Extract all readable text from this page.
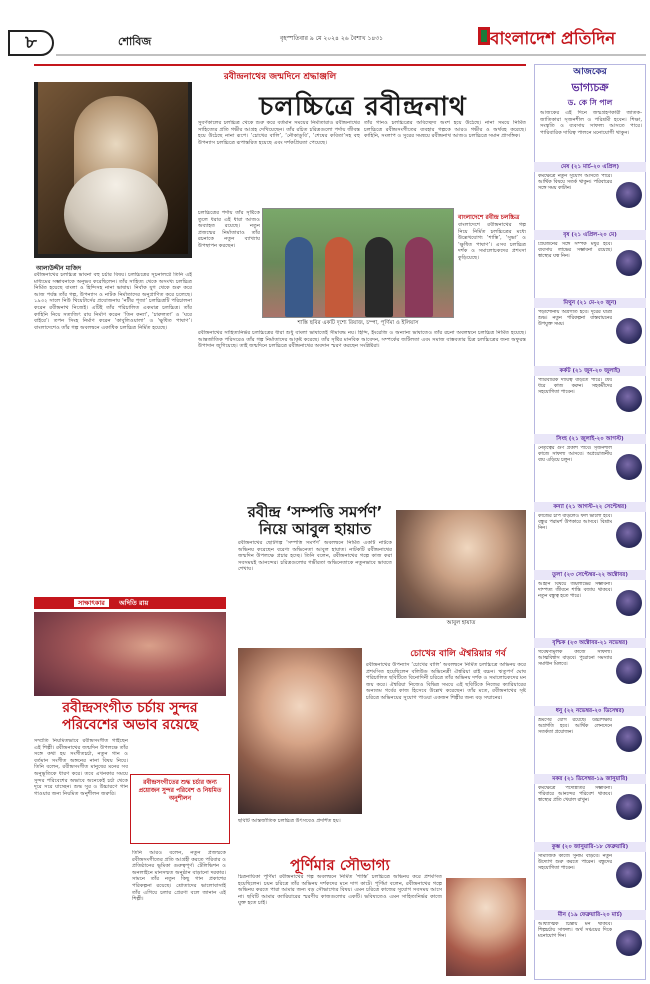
৮	শোবিজ	বৃহস্পতিবার ৯ মে ২০২৪ ২৬ বৈশাখ ১৪৩১	বাংলাদেশ প্রতিদিন
রবীন্দ্রনাথের জন্মদিনে শ্রদ্ধাঞ্জলি
চলচ্চিত্রে রবীন্দ্রনাথ
আলাউদ্দীন মাজিদ
রবীন্দ্রনাথের চলচ্চিত্র ভাবনা বহু চর্চার বিষয়। চলচ্চিত্রের সূচনালগ্নে তিনি এই মাধ্যমের সম্ভাবনাকে অনুভব করেছিলেন। তাঁর সাহিত্য থেকে অসংখ্য চলচ্চিত্র নির্মিত হয়েছে বাংলা ও হিন্দিসহ নানা ভাষায়। নির্বাক যুগ থেকে শুরু করে আজ পর্যন্ত তাঁর গল্প, উপন্যাস ও নাটক নির্মাতাদের অনুপ্রাণিত করে চলেছে। ১৯৩২ সালে নিউ থিয়েটার্সের প্রযোজনায় ‘নটীর পূজা’ চলচ্চিত্রটি পরিচালনা করেন রবীন্দ্রনাথ নিজেই। এটিই তাঁর পরিচালিত একমাত্র চলচ্চিত্র। তাঁর কাহিনি নিয়ে সত্যজিৎ রায় নির্মাণ করেন ‘তিন কন্যা’, ‘চারুলতা’ ও ‘ঘরে বাইরে’। তপন সিংহ নির্মাণ করেন ‘কাবুলিওয়ালা’ ও ‘ক্ষুধিত পাষাণ’। বাংলাদেশেও তাঁর গল্প অবলম্বনে একাধিক চলচ্চিত্র নির্মিত হয়েছে।
সুবর্ণকালের চলচ্চিত্র থেকে শুরু করে বর্তমান সময়ের নির্মাতারাও রবীন্দ্রনাথের সাহিত্যের প্রতি গভীর আগ্রহ দেখিয়েছেন। তাঁর রচিত চরিত্রগুলো পর্দায় জীবন্ত হয়ে উঠেছে নানা রূপে। ‘চোখের বালি’, ‘নৌকাডুবি’, ‘শেষের কবিতা’সহ বহু উপন্যাস চলচ্চিত্রে রূপান্তরিত হয়েছে এবং দর্শকপ্রিয়তা পেয়েছে।
তাঁর গানও চলচ্চিত্রের অবিচ্ছেদ্য অংশ হয়ে উঠেছে। নানা সময়ে নির্মিত চলচ্চিত্রে রবীন্দ্রসংগীতের ব্যবহার গল্পকে আরও গভীর ও অর্থবহ করেছে। কাহিনি, সংলাপ ও সুরের সমন্বয়ে রবীন্দ্রনাথ আজও চলচ্চিত্রে সমান প্রাসঙ্গিক।
চলচ্চিত্রের পর্দায় তাঁর সৃষ্টিকে তুলে ধরার এই ধারা আজও অব্যাহত রয়েছে। নতুন প্রজন্মের নির্মাতারাও তাঁর রচনাকে নতুন ব্যাখ্যায় উপস্থাপন করছেন।
বাংলাদেশে রবীন্দ্র চলচ্চিত্র
বাংলাদেশে রবীন্দ্রনাথের গল্প নিয়ে নির্মিত চলচ্চিত্রের মধ্যে উল্লেখযোগ্য ‘শাস্তি’, ‘সুভা’ ও ‘ক্ষুধিত পাষাণ’। এসব চলচ্চিত্র দর্শক ও সমালোচকদের প্রশংসা কুড়িয়েছে।
শাস্তি ছবির একটি দৃশ্যে রিয়াজ, চম্পা, পূর্ণিমা ও ইলিয়াস
রবীন্দ্রনাথের সাহিত্যনির্ভর চলচ্চিত্রের ধারা শুধু বাংলা ভাষাতেই সীমাবদ্ধ নয়। হিন্দি, ইংরেজি ও অন্যান্য ভাষাতেও তাঁর রচনা অবলম্বনে চলচ্চিত্র নির্মিত হয়েছে। আন্তর্জাতিক পরিসরেও তাঁর গল্প নির্মাতাদের আকৃষ্ট করেছে। তাঁর সৃষ্টির মানবিক আবেদন, সম্পর্কের জটিলতা এবং সমাজ বাস্তবতার চিত্র চলচ্চিত্রের জন্য অফুরন্ত উপাদান জুগিয়েছে। তাই জন্মদিনে চলচ্চিত্রে রবীন্দ্রনাথের অবদান স্মরণ করছেন সংশ্লিষ্টরা।
সাক্ষাৎকার অদিতি রায়
রবীন্দ্রসংগীত চর্চায় সুন্দর পরিবেশের অভাব রয়েছে
সম্প্রতি নিয়মিতভাবে রবীন্দ্রসংগীত গাইছেন এই শিল্পী। রবীন্দ্রনাথের জন্মদিন উপলক্ষে তাঁর সঙ্গে কথা হয় সংগীতচর্চা, নতুন গান ও বর্তমান সংগীত অঙ্গনের নানা বিষয় নিয়ে। তিনি বলেন, রবীন্দ্রসংগীত মানুষের মনের সব অনুভূতিকে ধারণ করে। তবে এখনকার সময়ে সুন্দর পরিবেশের অভাবে অনেকেই চর্চা থেকে দূরে সরে যাচ্ছেন। শুদ্ধ সুর ও উচ্চারণে গান গাওয়ার জন্য নিয়মিত অনুশীলন জরুরি।
তিনি আরও বলেন, নতুন প্রজন্মকে রবীন্দ্রসংগীতের প্রতি আগ্রহী করতে পরিবার ও প্রতিষ্ঠানের ভূমিকা গুরুত্বপূর্ণ। টেলিভিশন ও অনলাইনে মানসম্মত অনুষ্ঠান বাড়ানো দরকার। সামনে তাঁর নতুন কিছু গান প্রকাশের পরিকল্পনা রয়েছে। শ্রোতাদের ভালোবাসাই তাঁর এগিয়ে চলার প্রেরণা বলে জানান এই শিল্পী।
রবীন্দ্রসংগীতের শুদ্ধ চর্চার জন্য প্রয়োজন সুন্দর পরিবেশ ও নিয়মিত অনুশীলন
রবীন্দ্র ‘সম্পত্তি সমর্পণ’ নিয়ে আবুল হায়াত
রবীন্দ্রনাথের ছোটগল্প ‘সম্পত্তি সমর্পণ’ অবলম্বনে নির্মিত একটি নাটকে অভিনয় করেছেন বরেণ্য অভিনেতা আবুল হায়াত। নাটকটি রবীন্দ্রনাথের জন্মদিন উপলক্ষে প্রচার হচ্ছে। তিনি বলেন, রবীন্দ্রনাথের গল্পে কাজ করা সবসময়ই আনন্দের। চরিত্রগুলোর গভীরতা অভিনেতাকে নতুনভাবে ভাবতে শেখায়।
আবুল হায়াত
চোখের বালি ঐশ্বরিয়ার গর্ব
রবীন্দ্রনাথের উপন্যাস ‘চোখের বালি’ অবলম্বনে নির্মিত চলচ্চিত্রে অভিনয় করে প্রশংসিত হয়েছিলেন বলিউড অভিনেত্রী ঐশ্বরিয়া রাই বচ্চন। ঋতুপর্ণ ঘোষ পরিচালিত ছবিটিতে বিনোদিনী চরিত্রে তাঁর অভিনয় দর্শক ও সমালোচকদের মন জয় করে। ঐশ্বরিয়া নিজেও বিভিন্ন সময়ে এই ছবিটিকে নিজের ক্যারিয়ারের অন্যতম গর্বের কাজ হিসেবে উল্লেখ করেছেন। তাঁর মতে, রবীন্দ্রনাথের সৃষ্ট চরিত্রে অভিনয়ের সুযোগ পাওয়া একজন শিল্পীর জন্য বড় সম্মানের।
ছবিটি আন্তর্জাতিক চলচ্চিত্র উৎসবেও প্রদর্শিত হয়।
পূর্ণিমার সৌভাগ্য
চিত্রনায়িকা পূর্ণিমা রবীন্দ্রনাথের গল্প অবলম্বনে নির্মিত ‘শাস্তি’ চলচ্চিত্রে অভিনয় করে প্রশংসিত হয়েছিলেন। চয়ন চরিত্রে তাঁর অভিনয় দর্শকদের মনে দাগ কাটে। পূর্ণিমা বলেন, রবীন্দ্রনাথের গল্পে অভিনয় করতে পারা আমার জন্য বড় সৌভাগ্যের বিষয়। এমন চরিত্রে কাজের সুযোগ সবসময় আসে না। ছবিটি আমার ক্যারিয়ারের স্মরণীয় কাজগুলোর একটি। ভবিষ্যতেও এমন সাহিত্যনির্ভর কাজে যুক্ত হতে চাই।
আজকের
ভাগ্যচক্র
ড. কে সি পাল
আজকের এই দিনে জন্মগ্রহণকারী জাতক-জাতিকারা সৃজনশীল ও পরিশ্রমী হবেন। শিক্ষা, সংস্কৃতি ও ব্যবসায় সাফল্য আসতে পারে। পারিবারিক দায়িত্ব পালনে মনোযোগী থাকুন।
মেষ (২১ মার্চ-২০ এপ্রিল)
কর্মক্ষেত্রে নতুন সুযোগ আসতে পারে। আর্থিক বিষয়ে সতর্ক থাকুন। পরিবারের সঙ্গে সময় কাটান।
বৃষ (২১ এপ্রিল-২০ মে)
প্রিয়জনের সঙ্গে সম্পর্ক মধুর হবে। ব্যবসায় লাভের সম্ভাবনা রয়েছে। স্বাস্থ্যের যত্ন নিন।
মিথুন (২১ মে-২০ জুন)
পড়াশোনায় অগ্রগতি হবে। দূরের যাত্রা শুভ। নতুন পরিকল্পনা বাস্তবায়নের উপযুক্ত সময়।
কর্কট (২১ জুন-২০ জুলাই)
পারিবারিক দায়িত্ব বাড়তে পারে। ধৈর্য ধরে কাজ করুন। সহকর্মীদের সহযোগিতা পাবেন।
সিংহ (২১ জুলাই-২০ আগস্ট)
নেতৃত্বের গুণ প্রকাশ পাবে। সৃজনশীল কাজে সাফল্য আসবে। অপ্রয়োজনীয় ব্যয় এড়িয়ে চলুন।
কন্যা (২১ আগস্ট-২২ সেপ্টেম্বর)
কাজের চাপ বাড়লেও ফল ভালো হবে। বন্ধুর পরামর্শ উপকারে আসবে। বিশ্রাম নিন।
তুলা (২৩ সেপ্টেম্বর-২২ অক্টোবর)
আইনি বিষয়ে জয়লাভের সম্ভাবনা। দাম্পত্য জীবনে শান্তি বজায় থাকবে। নতুন বন্ধুত্ব হতে পারে।
বৃশ্চিক (২৩ অক্টোবর-২১ নভেম্বর)
গবেষণামূলক কাজে সাফল্য। আত্মবিশ্বাস বাড়বে। পুরোনো সমস্যার সমাধান মিলবে।
ধনু (২২ নভেম্বর-২০ ডিসেম্বর)
ভ্রমণের যোগ রয়েছে। উচ্চশিক্ষায় অগ্রগতি হবে। আর্থিক লেনদেনে সতর্কতা প্রয়োজন।
মকর (২১ ডিসেম্বর-১৯ জানুয়ারি)
কর্মক্ষেত্রে পদোন্নতির সম্ভাবনা। পরিবারে আনন্দের পরিবেশ থাকবে। স্বাস্থ্যের প্রতি খেয়াল রাখুন।
কুম্ভ (২০ জানুয়ারি-১৮ ফেব্রুয়ারি)
সামাজিক কাজে সুনাম বাড়বে। নতুন উদ্যোগ শুরু করতে পারেন। বন্ধুদের সহযোগিতা পাবেন।
মীন (১৯ ফেব্রুয়ারি-২০ মার্চ)
আধ্যাত্মিক চিন্তায় মন থাকবে। শিল্পচর্চায় সাফল্য। অর্থ সঞ্চয়ের দিকে মনোযোগ দিন।
